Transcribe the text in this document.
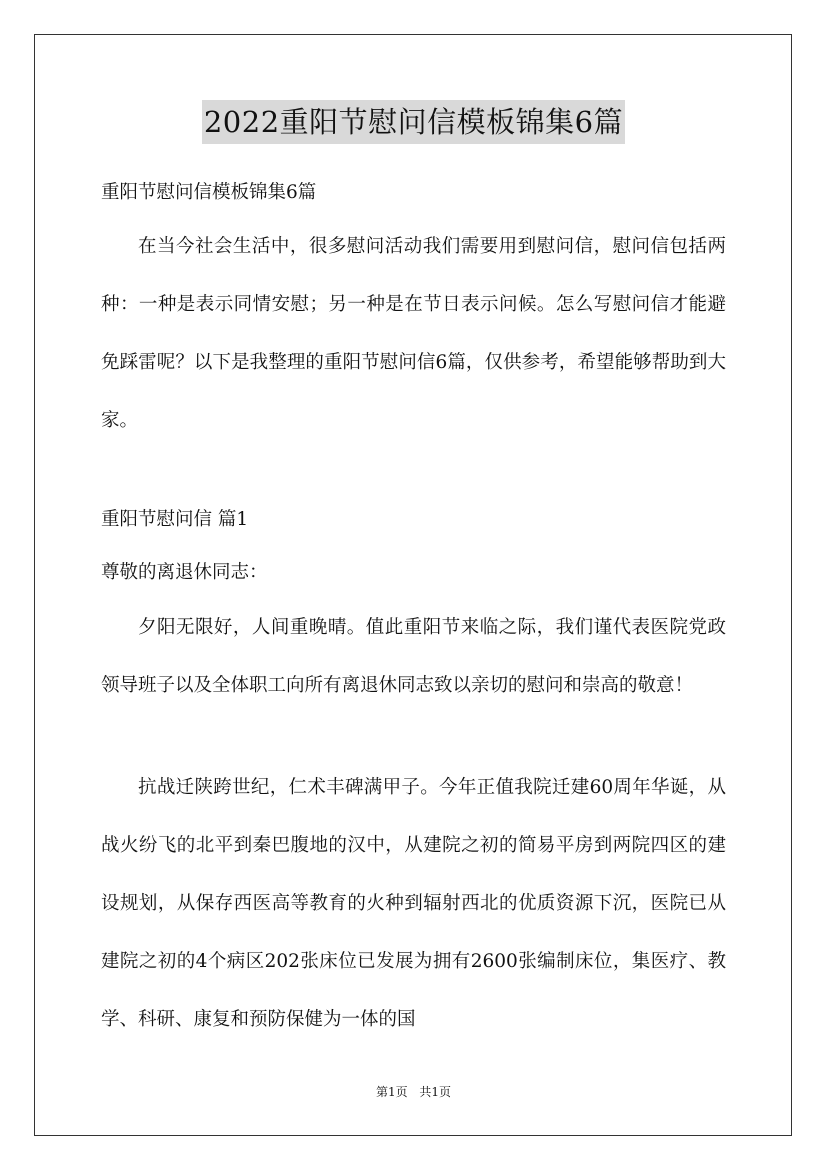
2022重阳节慰问信模板锦集6篇
重阳节慰问信模板锦集6篇
在当今社会生活中，很多慰问活动我们需要用到慰问信，慰问信包括两种：一种是表示同情安慰；另一种是在节日表示问候。怎么写慰问信才能避免踩雷呢？以下是我整理的重阳节慰问信6篇，仅供参考，希望能够帮助到大家。
重阳节慰问信 篇1
尊敬的离退休同志：
夕阳无限好，人间重晚晴。值此重阳节来临之际，我们谨代表医院党政领导班子以及全体职工向所有离退休同志致以亲切的慰问和崇高的敬意！
抗战迁陕跨世纪，仁术丰碑满甲子。今年正值我院迁建60周年华诞，从战火纷飞的北平到秦巴腹地的汉中，从建院之初的简易平房到两院四区的建设规划，从保存西医高等教育的火种到辐射西北的优质资源下沉，医院已从建院之初的4个病区202张床位已发展为拥有2600张编制床位，集医疗、教学、科研、康复和预防保健为一体的国
第1页 共1页
